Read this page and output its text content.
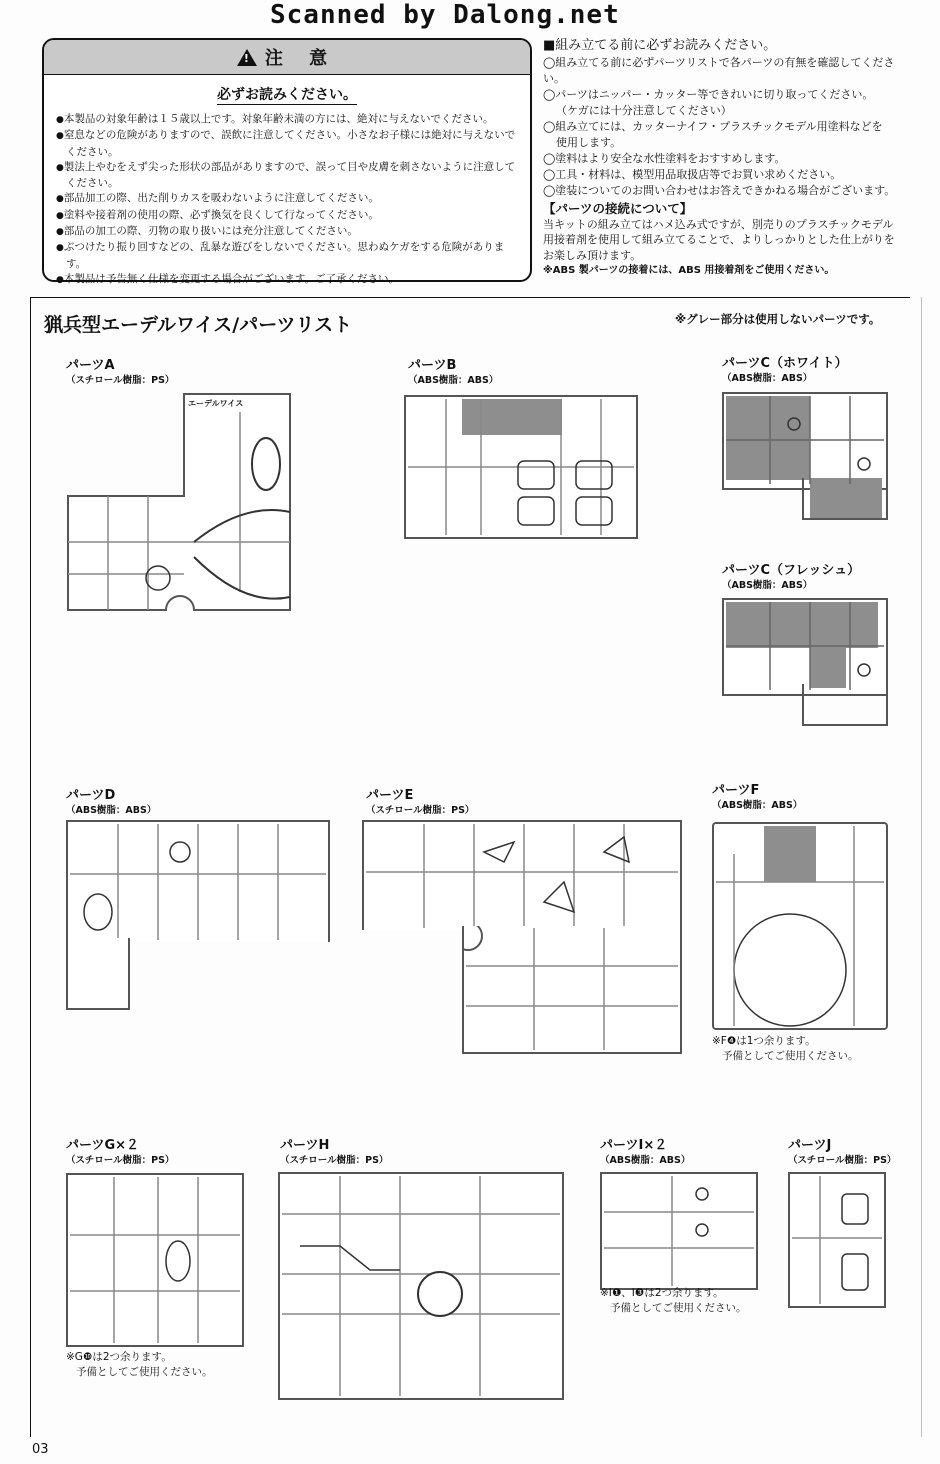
Scanned by Dalong.net
!
注 意
必ずお読みください。
● 本製品の対象年齢は１５歳以上です。対象年齢未満の方には、絶対に与えないでください。
● 窒息などの危険がありますので、誤飲に注意してください。小さなお子様には絶対に与えないでください。
● 製法上やむをえず尖った形状の部品がありますので、誤って目や皮膚を刺さないように注意してください。
● 部品加工の際、出た削りカスを吸わないように注意してください。
● 塗料や接着剤の使用の際、必ず換気を良くして行なってください。
● 部品の加工の際、刃物の取り扱いには充分注意してください。
● ぶつけたり振り回すなどの、乱暴な遊びをしないでください。思わぬケガをする危険があります。
● 本製品は予告無く仕様を変更する場合がございます。ご了承ください。
■組み立てる前に必ずお読みください。
◯組み立てる前に必ずパーツリストで各パーツの有無を確認してください。
◯パーツはニッパー・カッター等できれいに切り取ってください。
（ケガには十分注意してください）
◯組み立てには、カッターナイフ・プラスチックモデル用塗料などを
使用します。
◯塗料はより安全な水性塗料をおすすめします。
◯工具・材料は、模型用品取扱店等でお買い求めください。
◯塗装についてのお問い合わせはお答えできかねる場合がございます。
【パーツの接続について】
当キットの組み立てはハメ込み式ですが、別売りのプラスチックモデル
用接着剤を使用して組み立てることで、よりしっかりとした仕上がりを
お楽しみ頂けます。
※ABS 製パーツの接着には、ABS 用接着剤をご使用ください。
猟兵型エーデルワイス/パーツリスト	※グレー部分は使用しないパーツです。
パーツA
（スチロール樹脂：PS）
パーツB
（ABS樹脂：ABS）
パーツC（ホワイト）
（ABS樹脂：ABS）
パーツC（フレッシュ）
（ABS樹脂：ABS）
パーツD
（ABS樹脂：ABS）
パーツE
（スチロール樹脂：PS）
パーツF
（ABS樹脂：ABS）
パーツG×２
（スチロール樹脂：PS）
パーツH
（スチロール樹脂：PS）
パーツI×２
（ABS樹脂：ABS）
パーツJ
（スチロール樹脂：PS）
エーデルワイス
※F❹は1つ余ります。
予備としてご使用ください。
※G❿は2つ余ります。
予備としてご使用ください。
※I❶、I❸は2つ余ります。
予備としてご使用ください。
03
